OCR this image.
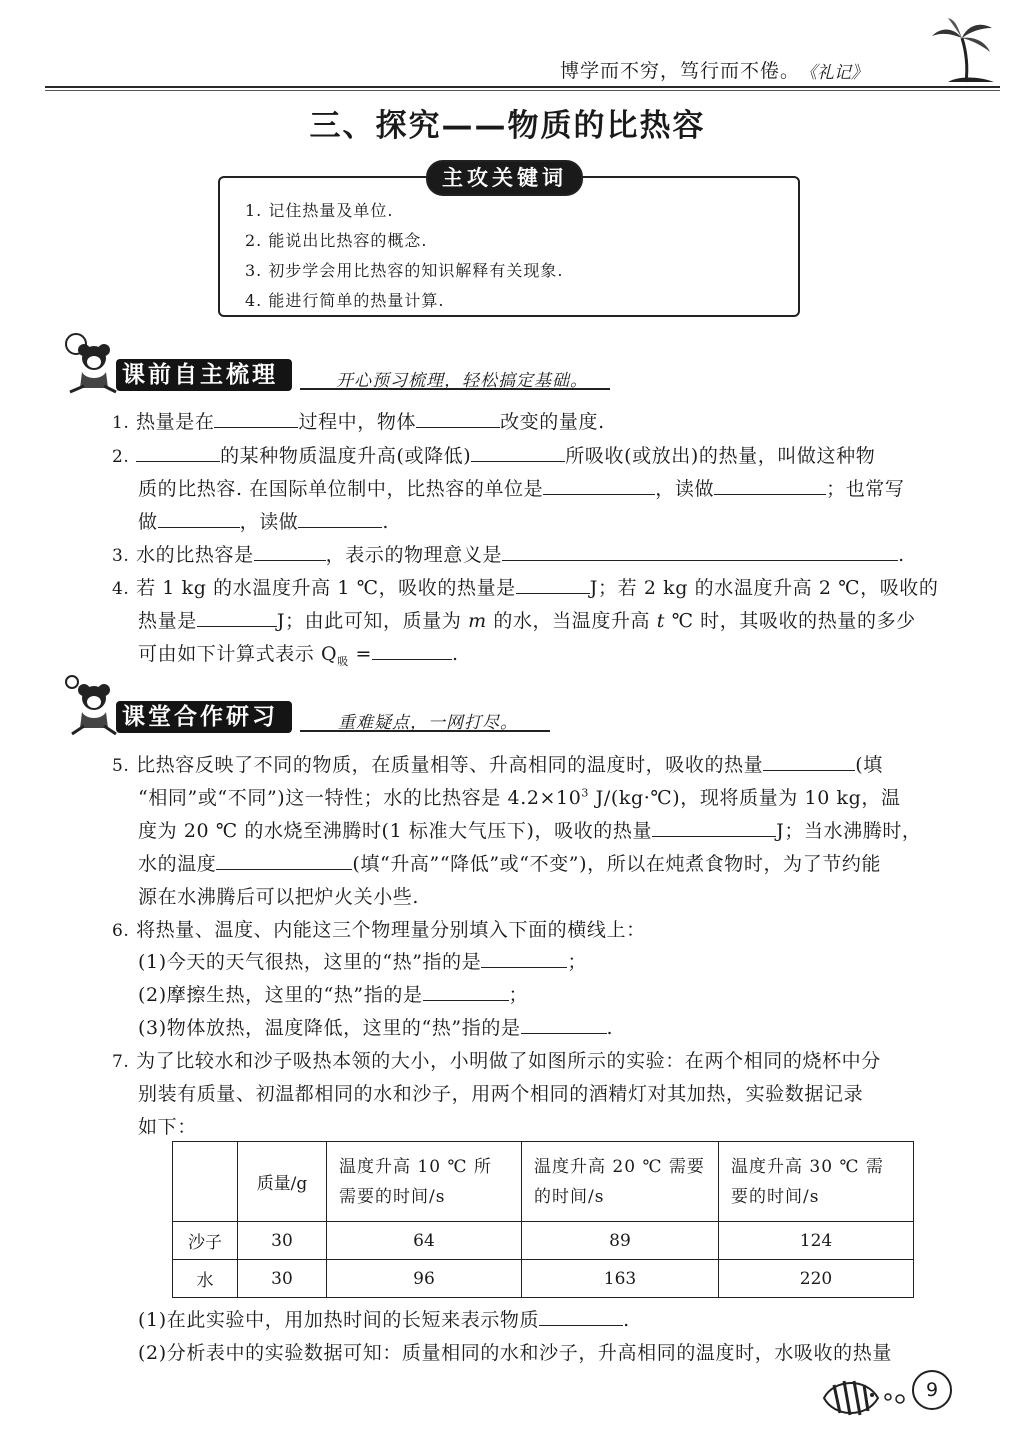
博学而不穷，笃行而不倦。 《礼记》
三、探究——物质的比热容
主攻关键词
1. 记住热量及单位.
2. 能说出比热容的概念.
3. 初步学会用比热容的知识解释有关现象.
4. 能进行简单的热量计算.
课前自主梳理	开心预习梳理，轻松搞定基础。
1. 热量是在	过程中，物体	改变的量度.
2.	的某种物质温度升高(或降低)	所吸收(或放出)的热量，叫做这种物
质的比热容. 在国际单位制中，比热容的单位是	，读做	；也常写
做	，读做	.
3. 水的比热容是	，表示的物理意义是	.
4. 若 1 kg 的水温度升高 1 ℃，吸收的热量是	J；若 2 kg 的水温度升高 2 ℃，吸收的
热量是	J；由此可知，质量为 m 的水，当温度升高 t ℃ 时，其吸收的热量的多少
可由如下计算式表示 $Q_吸$ =	.
课堂合作研习	重难疑点，一网打尽。
5. 比热容反映了不同的物质，在质量相等、升高相同的温度时，吸收的热量	(填
“相同”或“不同”)这一特性；水的比热容是 $4.2\times 10^3$ J/(kg·℃)，现将质量为 10 kg，温
度为 20 ℃ 的水烧至沸腾时(1 标准大气压下)，吸收的热量	J；当水沸腾时，
水的温度	(填“升高”“降低”或“不变”)，所以在炖煮食物时，为了节约能
源在水沸腾后可以把炉火关小些.
6. 将热量、温度、内能这三个物理量分别填入下面的横线上：
(1)今天的天气很热，这里的“热”指的是	；
(2)摩擦生热，这里的“热”指的是	；
(3)物体放热，温度降低，这里的“热”指的是	.
7. 为了比较水和沙子吸热本领的大小，小明做了如图所示的实验：在两个相同的烧杯中分
别装有质量、初温都相同的水和沙子，用两个相同的酒精灯对其加热，实验数据记录
如下：
	质量/g	温度升高 10 ℃ 所需要的时间/s	温度升高 20 ℃ 需要的时间/s	温度升高 30 ℃ 需要的时间/s
沙子	30	64	89	124
水	30	96	163	220
(1)在此实验中，用加热时间的长短来表示物质	.
(2)分析表中的实验数据可知：质量相同的水和沙子，升高相同的温度时，水吸收的热量
9
